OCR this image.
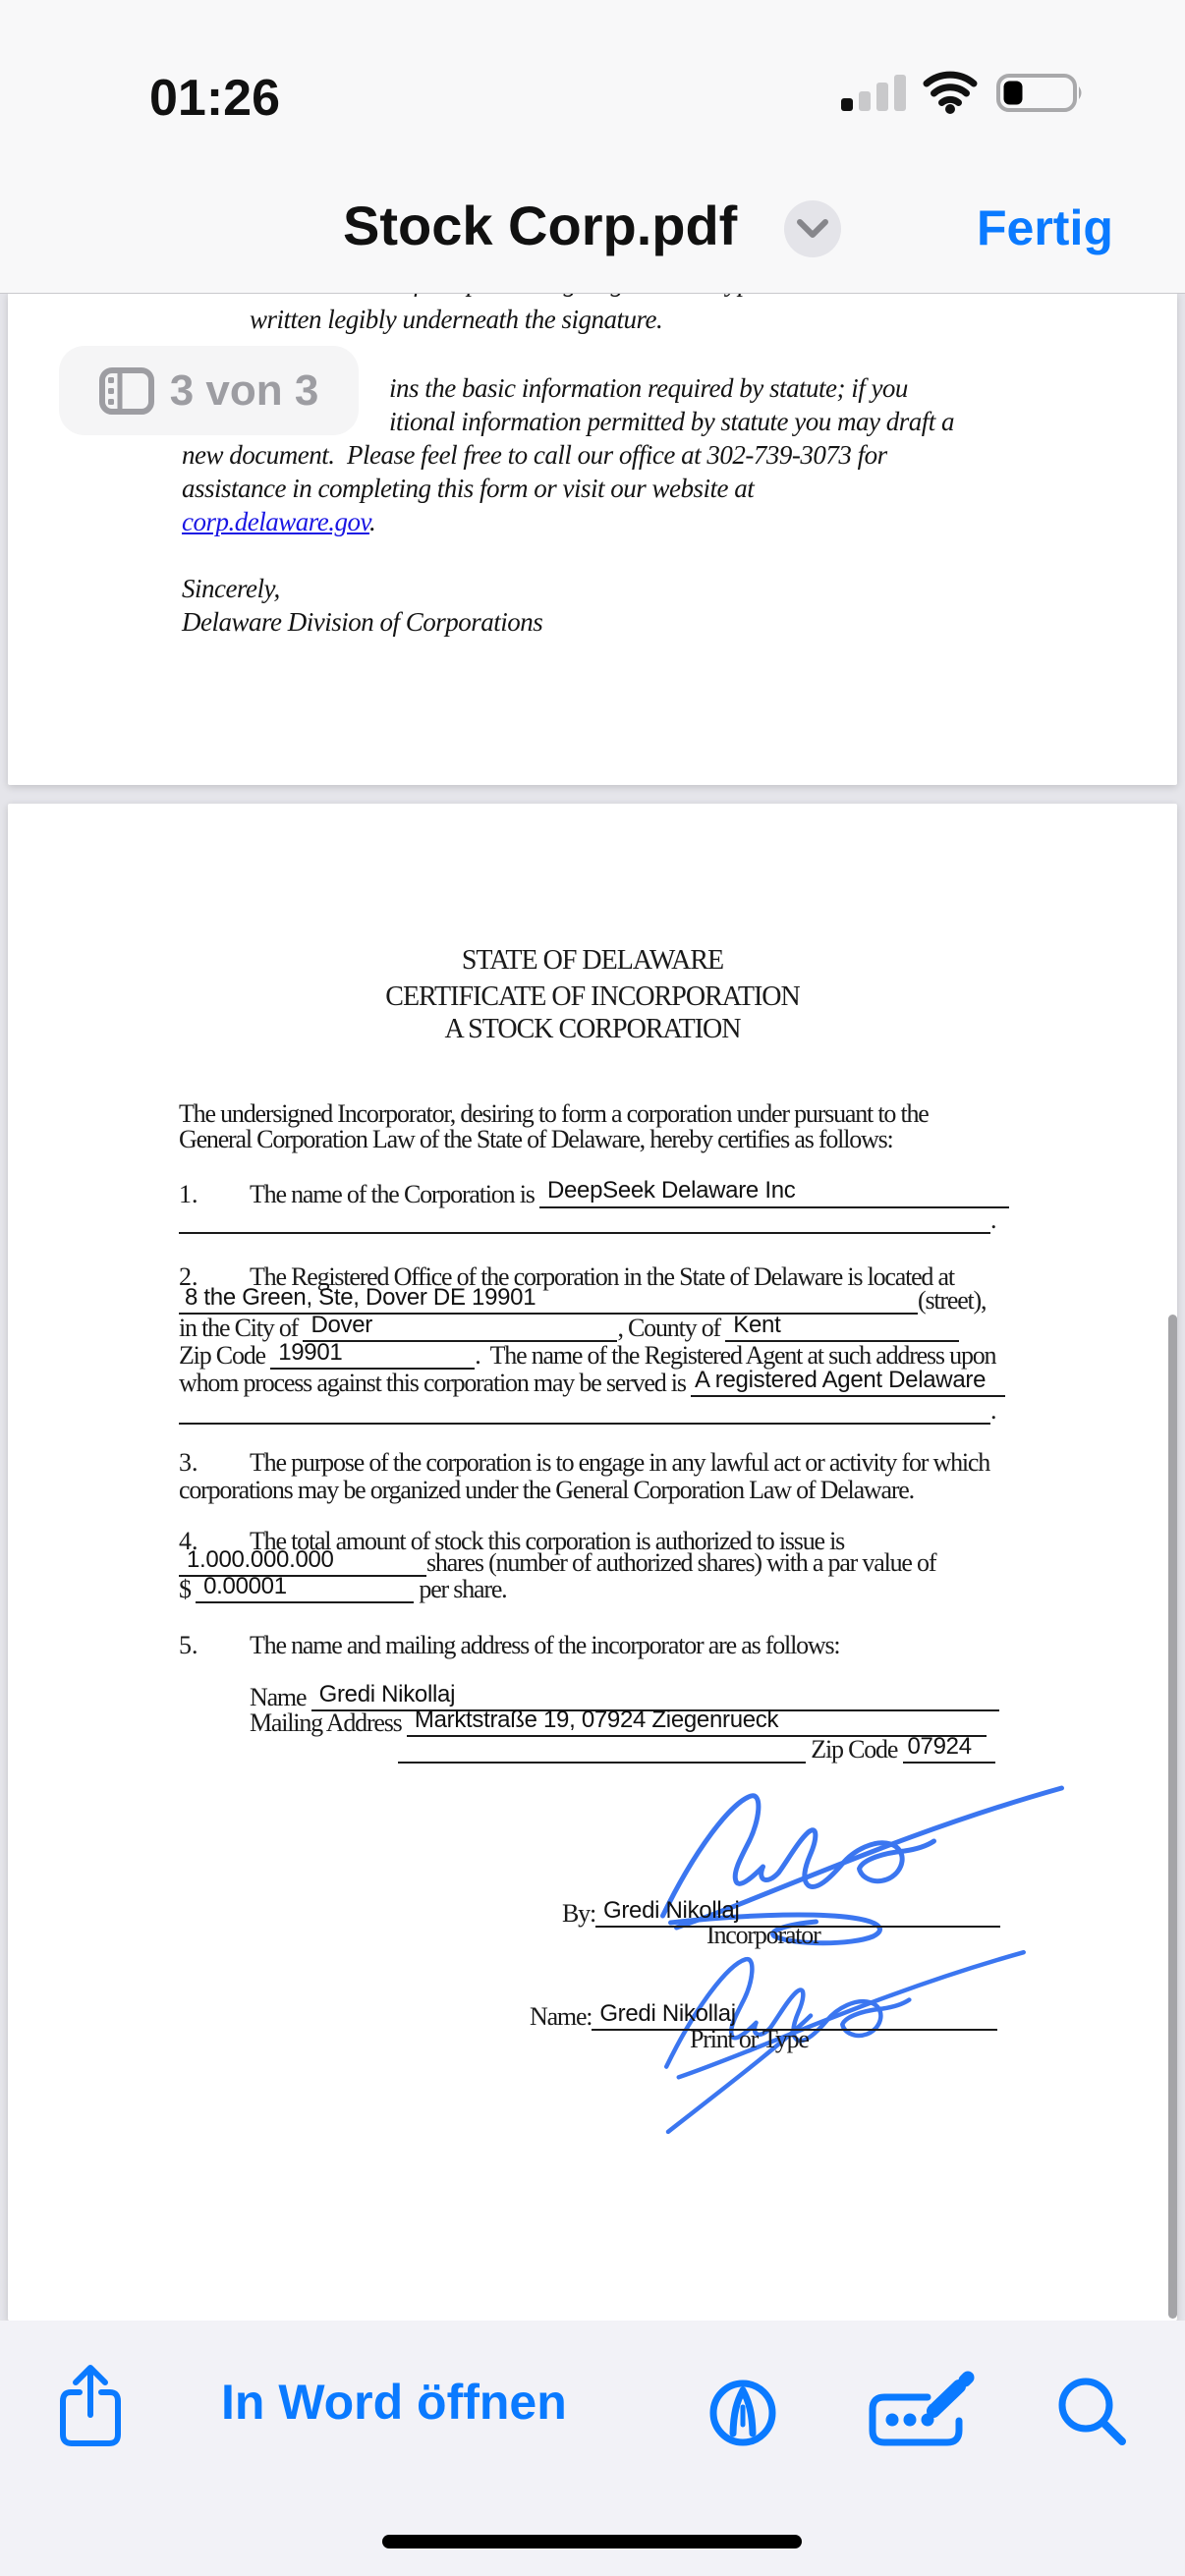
01:26
Stock Corp.pdf	Fertig
written legibly underneath the signature.
ins the basic information required by statute; if you
itional information permitted by statute you may draft a
new document.  Please feel free to call our office at 302-739-3073 for
assistance in completing this form or visit our website at
corp.delaware.gov.
Sincerely,
Delaware Division of Corporations
3 von 3
STATE OF DELAWARE
CERTIFICATE OF INCORPORATION
A STOCK CORPORATION
The undersigned Incorporator, desiring to form a corporation under pursuant to the
General Corporation Law of the State of Delaware, hereby certifies as follows:
1.	The name of the Corporation is DeepSeek Delaware Inc
.
2.	The Registered Office of the corporation in the State of Delaware is located at
8 the Green, Ste, Dover DE 19901	(street),
in the City of Dover	, County of Kent
Zip Code 19901	.  The name of the Registered Agent at such address upon
whom process against this corporation may be served is A registered Agent Delaware
.
3.	The purpose of the corporation is to engage in any lawful act or activity for which
corporations may be organized under the General Corporation Law of Delaware.
4.	The total amount of stock this corporation is authorized to issue is
1.000.000.000	shares (number of authorized shares) with a par value of
$ 0.00001	per share.
5.	The name and mailing address of the incorporator are as follows:
Name Gredi Nikollaj
Mailing Address Marktstraße 19, 07924 Ziegenrueck
Zip Code 07924
By: Gredi Nikollaj
Incorporator
Name: Gredi Nikollaj
Print or Type
In Word öffnen
